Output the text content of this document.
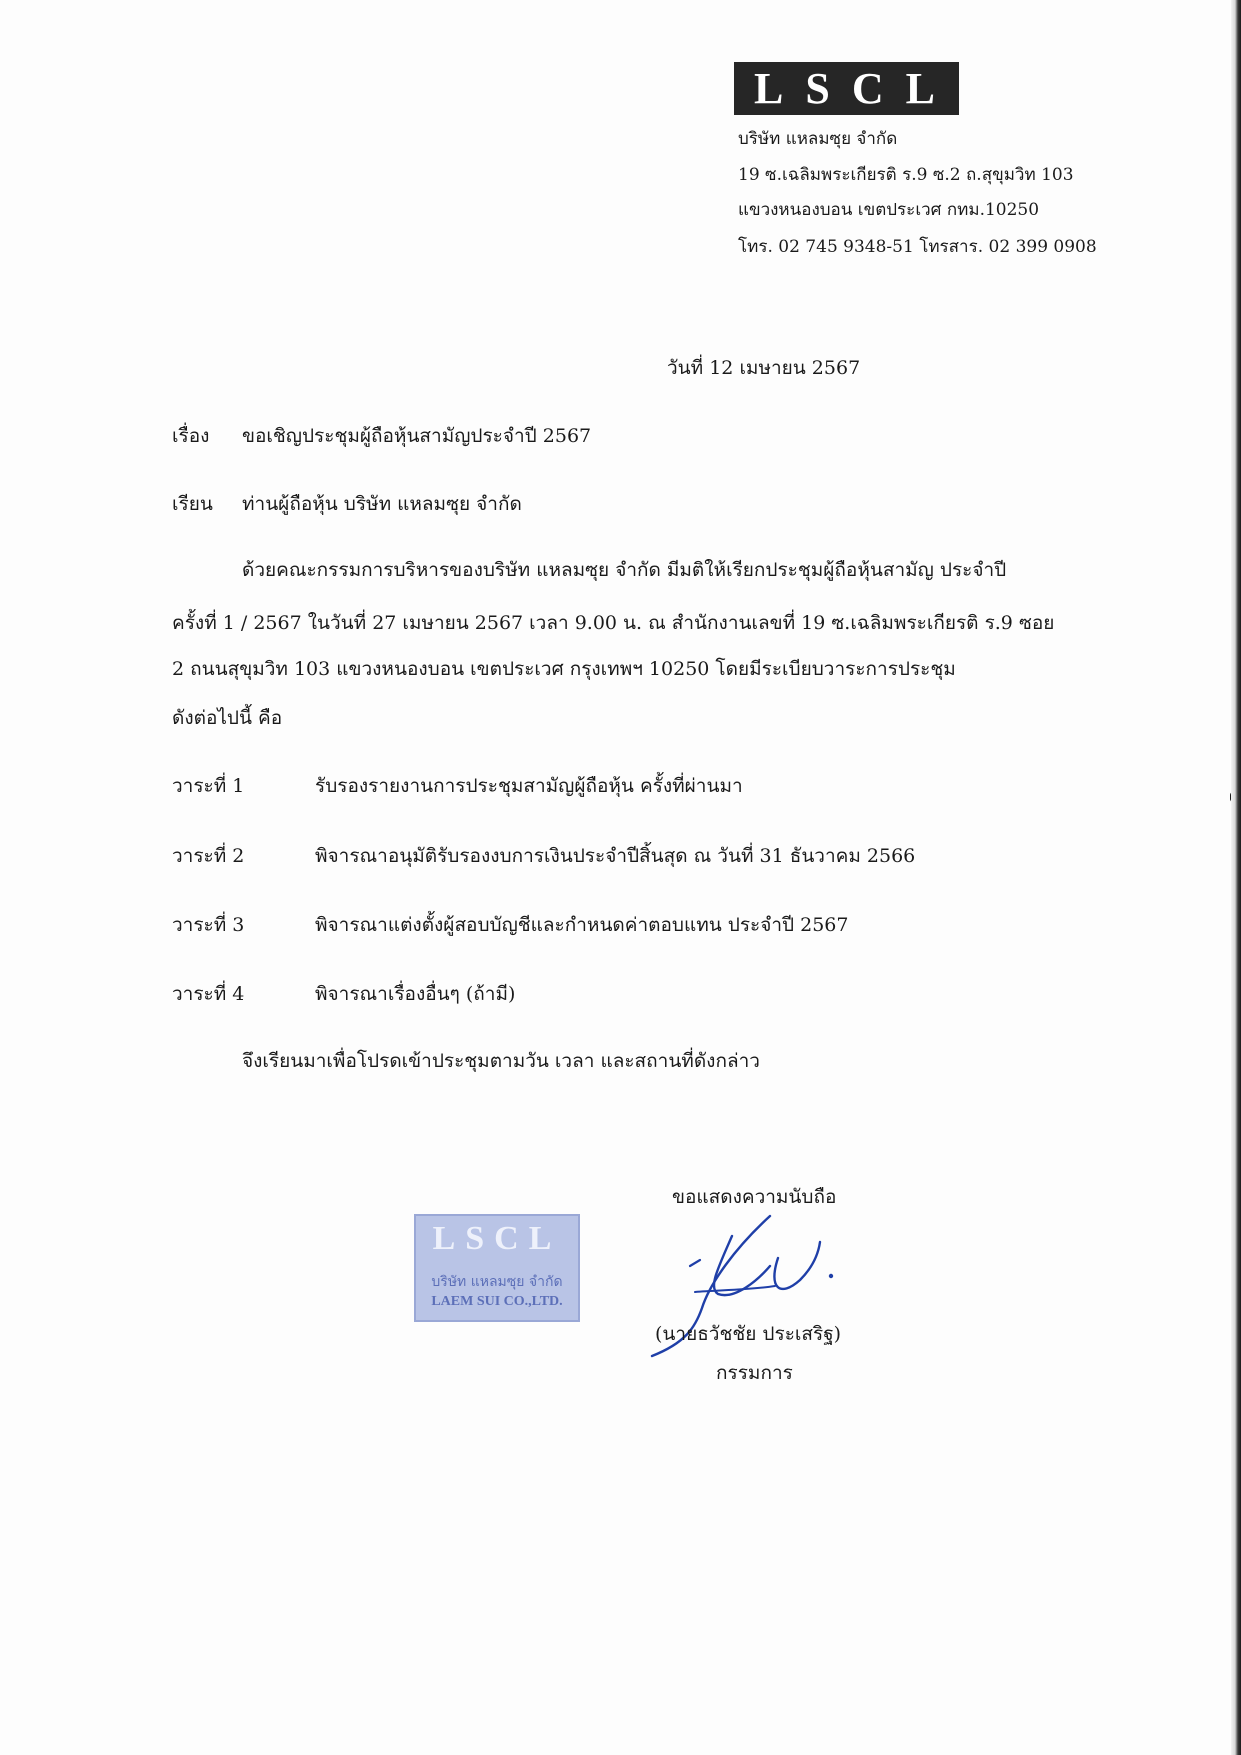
LSCL
บริษัท แหลมซุย จำกัด
19 ซ.เฉลิมพระเกียรติ ร.9 ซ.2 ถ.สุขุมวิท 103
แขวงหนองบอน เขตประเวศ กทม.10250
โทร. 02 745 9348-51 โทรสาร. 02 399 0908
วันที่ 12 เมษายน 2567
เรื่อง ขอเชิญประชุมผู้ถือหุ้นสามัญประจำปี 2567
เรียน ท่านผู้ถือหุ้น บริษัท แหลมซุย จำกัด
ด้วยคณะกรรมการบริหารของบริษัท แหลมซุย จำกัด มีมติให้เรียกประชุมผู้ถือหุ้นสามัญ ประจำปี
ครั้งที่ 1 / 2567 ในวันที่ 27 เมษายน 2567 เวลา 9.00 น. ณ สำนักงานเลขที่ 19 ซ.เฉลิมพระเกียรติ ร.9 ซอย
2 ถนนสุขุมวิท 103 แขวงหนองบอน เขตประเวศ กรุงเทพฯ 10250 โดยมีระเบียบวาระการประชุม
ดังต่อไปนี้ คือ
วาระที่ 1	รับรองรายงานการประชุมสามัญผู้ถือหุ้น ครั้งที่ผ่านมา
วาระที่ 2	พิจารณาอนุมัติรับรองงบการเงินประจำปีสิ้นสุด ณ วันที่ 31 ธันวาคม 2566
วาระที่ 3	พิจารณาแต่งตั้งผู้สอบบัญชีและกำหนดค่าตอบแทน ประจำปี 2567
วาระที่ 4	พิจารณาเรื่องอื่นๆ (ถ้ามี)
จึงเรียนมาเพื่อโปรดเข้าประชุมตามวัน เวลา และสถานที่ดังกล่าว
ขอแสดงความนับถือ
LSCL
บริษัท แหลมซุย จำกัด
LAEM SUI CO.,LTD.
(นายธวัชชัย ประเสริฐ)
กรรมการ
